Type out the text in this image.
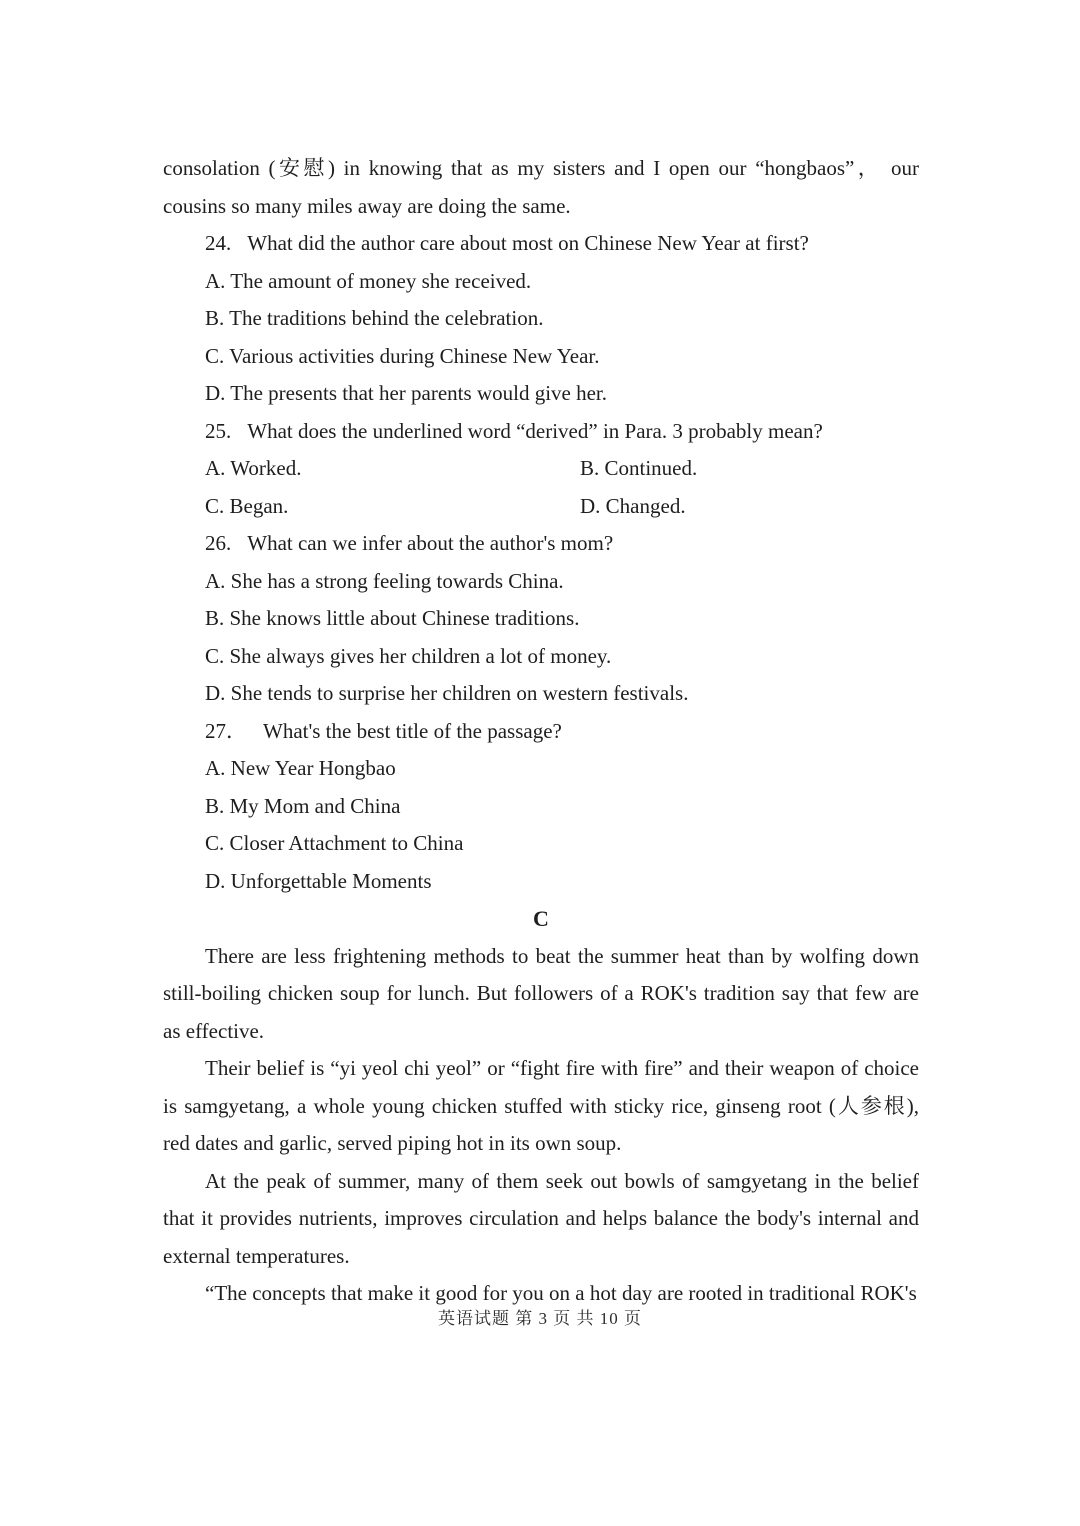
consolation (安慰) in knowing that as my sisters and I open our “hongbaos”， our cousins so many miles away are doing the same.

24. What did the author care about most on Chinese New Year at first?
A. The amount of money she received.
B. The traditions behind the celebration.
C. Various activities during Chinese New Year.
D. The presents that her parents would give her.
25. What does the underlined word “derived” in Para. 3 probably mean?
A. Worked.	B. Continued.
C. Began.	D. Changed.
26. What can we infer about the author's mom?
A. She has a strong feeling towards China.
B. She knows little about Chinese traditions.
C. She always gives her children a lot of money.
D. She tends to surprise her children on western festivals.
27． What's the best title of the passage?
A. New Year Hongbao
B. My Mom and China
C. Closer Attachment to China
D. Unforgettable Moments
C

There are less frightening methods to beat the summer heat than by wolfing down still-boiling chicken soup for lunch. But followers of a ROK's tradition say that few are as effective.

Their belief is “yi yeol chi yeol” or “fight fire with fire” and their weapon of choice is samgyetang, a whole young chicken stuffed with sticky rice, ginseng root (人参根), red dates and garlic, served piping hot in its own soup.

At the peak of summer, many of them seek out bowls of samgyetang in the belief that it provides nutrients, improves circulation and helps balance the body's internal and external temperatures.

“The concepts that make it good for you on a hot day are rooted in traditional ROK's

英语试题 第 3 页 共 10 页
